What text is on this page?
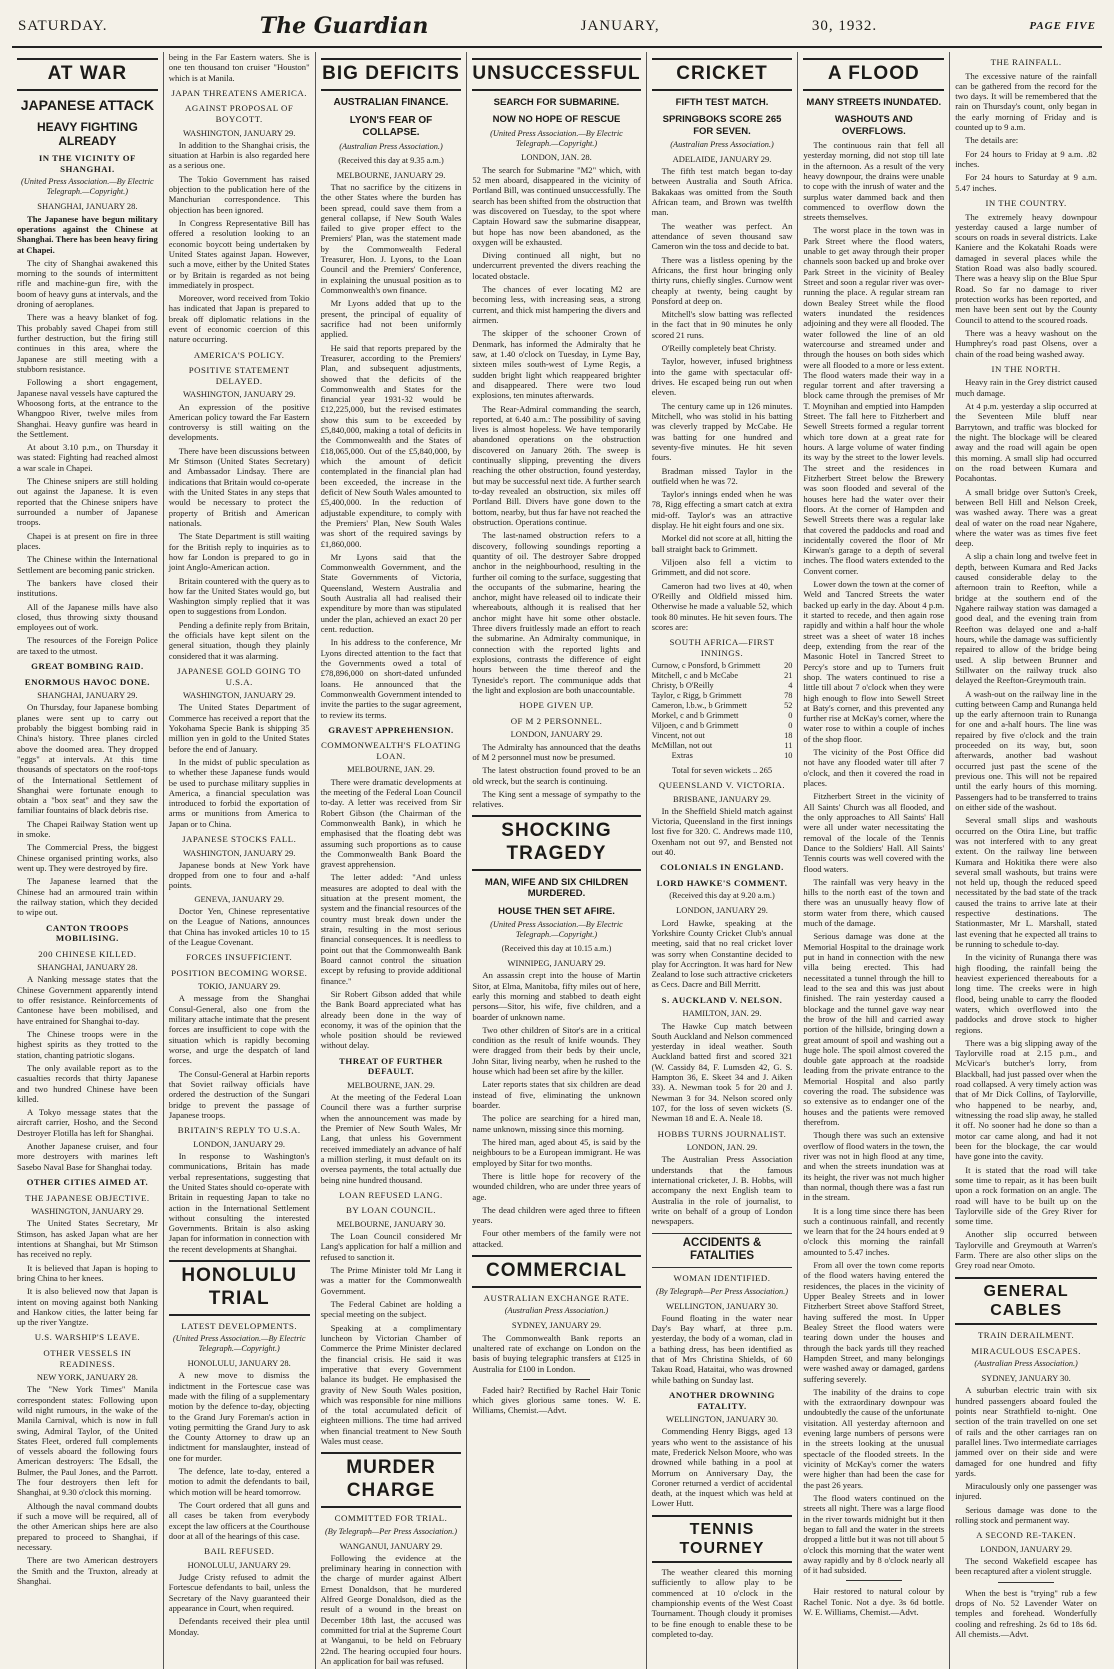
SATURDAY.	The Guardian	JANUARY,	30, 1932.	PAGE FIVE
AT WAR
JAPANESE ATTACK
HEAVY FIGHTING ALREADY
IN THE VICINITY OF SHANGHAI.
(United Press Association.—By Electric Telegraph.—Copyright.)
SHANGHAI, JANUARY 28.

The Japanese have begun military operations against the Chinese at Shanghai. There has been heavy firing at Chapei.

The city of Shanghai awakened this morning to the sounds of intermittent rifle and machine-gun fire, with the boom of heavy guns at intervals, and the droning of aeroplanes.

There was a heavy blanket of fog. This probably saved Chapei from still further destruction, but the firing still continues in this area, where the Japanese are still meeting with a stubborn resistance.

Following a short engagement, Japanese naval vessels have captured the Whoosong forts, at the entrance to the Whangpoo River, twelve miles from Shanghai. Heavy gunfire was heard in the Settlement.

At about 3.10 p.m., on Thursday it was stated: Fighting had reached almost a war scale in Chapei.

The Chinese snipers are still holding out against the Japanese. It is even reported that the Chinese snipers have surrounded a number of Japanese troops.

Chapei is at present on fire in three places.

The Chinese within the International Settlement are becoming panic stricken.

The bankers have closed their institutions.

All of the Japanese mills have also closed, thus throwing sixty thousand employees out of work.

The resources of the Foreign Police are taxed to the utmost.

GREAT BOMBING RAID.
ENORMOUS HAVOC DONE.
SHANGHAI, JANUARY 29.

On Thursday, four Japanese bombing planes were sent up to carry out probably the biggest bombing raid in China's history. Three planes circled above the doomed area. They dropped "eggs" at intervals. At this time thousands of spectators on the roof-tops of the International Settlement of Shanghai were fortunate enough to obtain a "box seat" and they saw the familiar fountains of black debris rise.

The Chapei Railway Station went up in smoke.

The Commercial Press, the biggest Chinese organised printing works, also went up. They were destroyed by fire.

The Japanese learned that the Chinese had an armoured train within the railway station, which they decided to wipe out.

CANTON TROOPS MOBILISING.
200 CHINESE KILLED.
SHANGHAI, JANUARY 28.

A Nanking message states that the Chinese Government apparently intend to offer resistance. Reinforcements of Cantonese have been mobilised, and have entrained for Shanghai to-day.

The Chinese troops were in the highest spirits as they trotted to the station, chanting patriotic slogans.

The only available report as to the casualties records that thirty Japanese and two hundred Chinese have been killed.

A Tokyo message states that the aircraft carrier, Hosho, and the Second Destroyer Flotilla has left for Shanghai.

Another Japanese cruiser, and four more destroyers with marines left Sasebo Naval Base for Shanghai today.

OTHER CITIES AIMED AT.
THE JAPANESE OBJECTIVE.
WASHINGTON, JANUARY 29.

The United States Secretary, Mr Stimson, has asked Japan what are her intentions at Shanghai, but Mr Stimson has received no reply.

It is believed that Japan is hoping to bring China to her knees.

It is also believed now that Japan is intent on moving against both Nanking and Hankow cities, the latter being far up the river Yangtze.

U.S. WARSHIP'S LEAVE.
OTHER VESSELS IN READINESS.
NEW YORK, JANUARY 28.

The "New York Times" Manila correspondent states: Following upon wild night rumours, in the wake of the Manila Carnival, which is now in full swing, Admiral Taylor, of the United States Fleet, ordered full complements of vessels aboard the following fours American destroyers: The Edsall, the Bulmer, the Paul Jones, and the Parrott. The four destroyers then left for Shanghai, at 9.30 o'clock this morning.

Although the naval command doubts if such a move will be required, all of the other American ships here are also prepared to proceed to Shanghai, if necessary.

There are two American destroyers the Smith and the Truxton, already at Shanghai.

being in the Far Eastern waters. She is one ten thousand ton cruiser "Houston" which is at Manila.

JAPAN THREATENS AMERICA.
AGAINST PROPOSAL OF BOYCOTT.
WASHINGTON, JANUARY 29.

In addition to the Shanghai crisis, the situation at Harbin is also regarded here as a serious one.

The Tokio Government has raised objection to the publication here of the Manchurian correspondence. This objection has been ignored.

In Congress Representative Bill has offered a resolution looking to an economic boycott being undertaken by United States against Japan. However, such a move, either by the United States or by Britain is regarded as not being immediately in prospect.

Moreover, word received from Tokio has indicated that Japan is prepared to break off diplomatic relations in the event of economic coercion of this nature occurring.

AMERICA'S POLICY.
POSITIVE STATEMENT DELAYED.
WASHINGTON, JANUARY 29.

An expression of the positive American policy toward the Far Eastern controversy is still waiting on the developments.

There have been discussions between Mr Stimson (United States Secretary) and Ambassador Lindsay. There are indications that Britain would co-operate with the United States in any steps that would be necessary to protect the property of British and American nationals.

The State Department is still waiting for the British reply to inquiries as to how far London is prepared to go in joint Anglo-American action.

Britain countered with the query as to how far the United States would go, but Washington simply replied that it was open to suggestions from London.

Pending a definite reply from Britain, the officials have kept silent on the general situation, though they plainly considered that it was alarming.

JAPANESE GOLD GOING TO U.S.A.
WASHINGTON, JANUARY 29.

The United States Department of Commerce has received a report that the Yokohama Specie Bank is shipping 35 million yen in gold to the United States before the end of January.

In the midst of public speculation as to whether these Japanese funds would be used to purchase military supplies in America, a financial speculation was introduced to forbid the exportation of arms or munitions from America to Japan or to China.

JAPANESE STOCKS FALL.
WASHINGTON, JANUARY 29.

Japanese bonds at New York have dropped from one to four and a-half points.

GENEVA, JANUARY 29.

Doctor Yen, Chinese representative on the League of Nations, announces that China has invoked articles 10 to 15 of the League Covenant.

FORCES INSUFFICIENT.
POSITION BECOMING WORSE.
TOKIO, JANUARY 29.

A message from the Shanghai Consul-General, also one from the military attache intimate that the present forces are insufficient to cope with the situation which is rapidly becoming worse, and urge the despatch of land forces.

The Consul-General at Harbin reports that Soviet railway officials have ordered the destruction of the Sungari bridge to prevent the passage of Japanese troops.

BRITAIN'S REPLY TO U.S.A.
LONDON, JANUARY 29.

In response to Washington's communications, Britain has made verbal representations, suggesting that the United States should co-operate with Britain in requesting Japan to take no action in the International Settlement without consulting the interested Governments. Britain is also asking Japan for information in connection with the recent developments at Shanghai.

HONOLULU TRIAL
LATEST DEVELOPMENTS.
(United Press Association.—By Electric Telegraph.—Copyright.)
HONOLULU, JANUARY 28.

A new move to dismiss the indictment in the Fortescue case was made with the filing of a supplementary motion by the defence to-day, objecting to the Grand Jury Foreman's action in voting permitting the Grand Jury to ask the County Attorney to draw up an indictment for manslaughter, instead of one for murder.

The defence, late to-day, entered a motion to admit the defendants to bail, which motion will be heard tomorrow.

The Court ordered that all guns and all cases be taken from everybody except the law officers at the Courthouse door at all of the hearings of this case.

BAIL REFUSED.
HONOLULU, JANUARY 29.

Judge Cristy refused to admit the Fortescue defendants to bail, unless the Secretary of the Navy guaranteed their appearance in Court, when required.

Defendants received their plea until Monday.

BIG DEFICITS
AUSTRALIAN FINANCE.
LYON'S FEAR OF COLLAPSE.
(Australian Press Association.)
(Received this day at 9.35 a.m.)
MELBOURNE, JANUARY 29.

That no sacrifice by the citizens in the other States where the burden has been spread, could save them from a general collapse, if New South Wales failed to give proper effect to the Premiers' Plan, was the statement made by the Commonwealth Federal Treasurer, Hon. J. Lyons, to the Loan Council and the Premiers' Conference, in explaining the unusual position as to Commonwealth's own finance.

Mr Lyons added that up to the present, the principal of equality of sacrifice had not been uniformly applied.

He said that reports prepared by the Treasurer, according to the Premiers' Plan, and subsequent adjustments, showed that the deficits of the Commonwealth and States for the financial year 1931-32 would be £12,225,000, but the revised estimates show this sum to be exceeded by £5,840,000, making a total of deficits in the Commonwealth and the States of £18,065,000. Out of the £5,840,000, by which the amount of deficit contemplated in the financial plan had been exceeded, the increase in the deficit of New South Wales amounted to £5,400,000. In the reduction of adjustable expenditure, to comply with the Premiers' Plan, New South Wales was short of the required savings by £1,860,000.

Mr Lyons said that the Commonwealth Government, and the State Governments of Victoria, Queensland, Western Australia and South Australia all had realised their expenditure by more than was stipulated under the plan, achieved an exact 20 per cent. reduction.

In his address to the conference, Mr Lyons directed attention to the fact that the Governments owed a total of £78,896,000 on short-dated unfunded loans. He announced that the Commonwealth Government intended to invite the parties to the sugar agreement, to review its terms.

GRAVEST APPREHENSION.
COMMONWEALTH'S FLOATING LOAN.
MELBOURNE, JAN. 29.

There were dramatic developments at the meeting of the Federal Loan Council to-day. A letter was received from Sir Robert Gibson (the Chairman of the Commonwealth Bank), in which he emphasised that the floating debt was assuming such proportions as to cause the Commonwealth Bank Board the gravest apprehension.

The letter added: "And unless measures are adopted to deal with the situation at the present moment, the system and the financial resources of the country must break down under the strain, resulting in the most serious financial consequences. It is needless to point out that the Commonwealth Bank Board cannot control the situation except by refusing to provide additional finance."

Sir Robert Gibson added that while the Bank Board appreciated what has already been done in the way of economy, it was of the opinion that the whole position should be reviewed without delay.

THREAT OF FURTHER DEFAULT.
MELBOURNE, JAN. 29.

At the meeting of the Federal Loan Council there was a further surprise when the announcement was made by the Premier of New South Wales, Mr Lang, that unless his Government received immediately an advance of half a million sterling, it must default on its oversea payments, the total actually due being nine hundred thousand.

LOAN REFUSED LANG.
BY LOAN COUNCIL.
MELBOURNE, JANUARY 30.

The Loan Council considered Mr Lang's application for half a million and refused to sanction it.

The Prime Minister told Mr Lang it was a matter for the Commonwealth Government.

The Federal Cabinet are holding a special meeting on the subject.

Speaking at a complimentary luncheon by Victorian Chamber of Commerce the Prime Minister declared the financial crisis. He said it was imperative that every Government balance its budget. He emphasised the gravity of New South Wales position, which was responsible for nine millions of the total accumulated deficit of eighteen millions. The time had arrived when financial treatment to New South Wales must cease.

MURDER CHARGE
COMMITTED FOR TRIAL.
(By Telegraph—Per Press Association.)
WANGANUI, JANUARY 29.

Following the evidence at the preliminary hearing in connection with the charge of murder against Albert Ernest Donaldson, that he murdered Alfred George Donaldson, died as the result of a wound in the breast on December 18th last, the accused was committed for trial at the Supreme Court at Wanganui, to be held on February 22nd. The hearing occupied four hours. An application for bail was refused.

UNSUCCESSFUL
SEARCH FOR SUBMARINE.
NOW NO HOPE OF RESCUE
(United Press Association.—By Electric Telegraph.—Copyright.)
LONDON, JAN. 28.

The search for Submarine "M2" which, with 52 men aboard, disappeared in the vicinity of Portland Bill, was continued unsuccessfully. The search has been shifted from the obstruction that was discovered on Tuesday, to the spot where Captain Howard saw the submarine disappear, but hope has now been abandoned, as the oxygen will be exhausted.

Diving continued all night, but no undercurrent prevented the divers reaching the located obstacle.

The chances of ever locating M2 are becoming less, with increasing seas, a strong current, and thick mist hampering the divers and airmen.

The skipper of the schooner Crown of Denmark, has informed the Admiralty that he saw, at 1.40 o'clock on Tuesday, in Lyme Bay, sixteen miles south-west of Lyme Regis, a sudden bright light which reappeared brighter and disappeared. There were two loud explosions, ten minutes afterwards.

The Rear-Admiral commanding the search, reported, at 6.40 a.m.: The possibility of saving lives is almost hopeless. We have temporarily abandoned operations on the obstruction discovered on January 26th. The sweep is continually slipping, preventing the divers reaching the other obstruction, found yesterday, but may be successful next tide. A further search to-day revealed an obstruction, six miles off Portland Bill. Divers have gone down to the bottom, nearby, but thus far have not reached the obstruction. Operations continue.

The last-named obstruction refers to a discovery, following soundings reporting a quantity of oil. The destroyer Sabre dropped anchor in the neighbourhood, resulting in the further oil coming to the surface, suggesting that the occupants of the submarine, hearing the anchor, might have released oil to indicate their whereabouts, although it is realised that her anchor might have hit some other obstacle. Three divers fruitlessly made an effort to reach the submarine. An Admiralty communique, in connection with the reported lights and explosions, contrasts the difference of eight hours between the time thereof and the Tyneside's report. The communique adds that the light and explosion are both unaccountable.

HOPE GIVEN UP.
OF M 2 PERSONNEL.
LONDON, JANUARY 29.

The Admiralty has announced that the deaths of M 2 personnel must now be presumed.

The latest obstruction found proved to be an old wreck, but the search is continuing.

The King sent a message of sympathy to the relatives.

SHOCKING TRAGEDY
MAN, WIFE AND SIX CHILDREN MURDERED.
HOUSE THEN SET AFIRE.
(United Press Association.—By Electric Telegraph.—Copyright.)
(Received this day at 10.15 a.m.)
WINNIPEG, JANUARY 29.

An assassin crept into the house of Martin Sitor, at Elma, Manitoba, fifty miles out of here, early this morning and stabbed to death eight persons—Sitor, his wife, five children, and a boarder of unknown name.

Two other children of Sitor's are in a critical condition as the result of knife wounds. They were dragged from their beds by their uncle, John Sitar, living nearby, when he rushed to the house which had been set afire by the killer.

Later reports states that six children are dead instead of five, eliminating the unknown boarder.

The police are searching for a hired man, name unknown, missing since this morning.

The hired man, aged about 45, is said by the neighbours to be a European immigrant. He was employed by Sitar for two months.

There is little hope for recovery of the wounded children, who are under three years of age.

The dead children were aged three to fifteen years.

Four other members of the family were not attacked.

COMMERCIAL
AUSTRALIAN EXCHANGE RATE.
(Australian Press Association.)
SYDNEY, JANUARY 29.

The Commonwealth Bank reports an unaltered rate of exchange on London on the basis of buying telegraphic transfers at £125 in Australia for £100 in London.

Faded hair? Rectified by Rachel Hair Tonic which gives glorious same tones. W. E. Williams, Chemist.—Advt.

CRICKET
FIFTH TEST MATCH.
SPRINGBOKS SCORE 265 FOR SEVEN.
(Australian Press Association.)
ADELAIDE, JANUARY 29.

The fifth test match began to-day between Australia and South Africa. Bakakaas was omitted from the South African team, and Brown was twelfth man.

The weather was perfect. An attendance of seven thousand saw Cameron win the toss and decide to bat.

There was a listless opening by the Africans, the first hour bringing only thirty runs, chiefly singles. Curnow went cheaply at twenty, being caught by Ponsford at deep on.

Mitchell's slow batting was reflected in the fact that in 90 minutes he only scored 21 runs.

O'Reilly completely beat Christy.

Taylor, however, infused brightness into the game with spectacular off-drives. He escaped being run out when eleven.

The century came up in 126 minutes. Mitchell, who was stolid in his batting was cleverly trapped by McCabe. He was batting for one hundred and seventy-five minutes. He hit seven fours.

Bradman missed Taylor in the outfield when he was 72.

Taylor's innings ended when he was 78, Rigg effecting a smart catch at extra mid-off. Taylor's was an attractive display. He hit eight fours and one six.

Morkel did not score at all, hitting the ball straight back to Grimmett.

Viljoen also fell a victim to Grimmett, and did not score.

Cameron had two lives at 40, when O'Reilly and Oldfield missed him. Otherwise he made a valuable 52, which took 80 minutes. He hit seven fours. The scores are:

SOUTH AFRICA—FIRST INNINGS.
Curnow, c Ponsford, b Grimmett	20
Mitchell, c and b McCabe	21
Christy, b O'Reilly	4
Taylor, c Rigg, b Grimmett	78
Cameron, l.b.w., b Grimmett	52
Morkel, c and b Grimmett	0
Viljoen, c and b Grimmett	0
Vincent, not out	18
McMillan, not out	11
Extras	10
Total for seven wickets .. 265
QUEENSLAND V. VICTORIA.
BRISBANE, JANUARY 29.

In the Sheffield Shield match against Victoria, Queensland in the first innings lost five for 320. C. Andrews made 110, Oxenham not out 97, and Bensted not out 40.

COLONIALS IN ENGLAND.
LORD HAWKE'S COMMENT.
(Received this day at 9.20 a.m.)
LONDON, JANUARY 29.

Lord Hawke, speaking at the Yorkshire County Cricket Club's annual meeting, said that no real cricket lover was sorry when Constantine decided to play for Accrington. It was hard for New Zealand to lose such attractive cricketers as Cecs. Dacre and Bill Merritt.

S. AUCKLAND V. NELSON.
HAMILTON, JAN. 29.

The Hawke Cup match between South Auckland and Nelson commenced yesterday in ideal weather. South Auckland batted first and scored 321 (W. Cassidy 84, F. Lumsden 42, G. S. Hampton 36, E. Skeet 34 and J. Aiken 33). A. Newman took 5 for 20 and J. Newman 3 for 34. Nelson scored only 107, for the loss of seven wickets (S. Newman 18 and E. A. Neale 18.

HOBBS TURNS JOURNALIST.
LONDON, JAN. 29.

The Australian Press Association understands that the famous international cricketer, J. B. Hobbs, will accompany the next English team to Australia in the role of journalist, to write on behalf of a group of London newspapers.

ACCIDENTS & FATALITIES
WOMAN IDENTIFIED.
(By Telegraph—Per Press Association.)
WELLINGTON, JANUARY 30.

Found floating in the water near Day's Bay wharf, at three p.m. yesterday, the body of a woman, clad in a bathing dress, has been identified as that of Mrs Christina Shields, of 60 Takau Road, Hataitai, who was drowned while bathing on Sunday last.

ANOTHER DROWNING FATALITY.
WELLINGTON, JANUARY 30.

Commending Henry Biggs, aged 13 years who went to the assistance of his mate, Frederick Nelson Moore, who was drowned while bathing in a pool at Morrum on Anniversary Day, the Coroner returned a verdict of accidental death, at the inquest which was held at Lower Hutt.

TENNIS TOURNEY

The weather cleared this morning sufficiently to allow play to be commenced at 10 o'clock in the championship events of the West Coast Tournament. Though cloudy it promises to be fine enough to enable these to be completed to-day.

A FLOOD
MANY STREETS INUNDATED.
WASHOUTS AND OVERFLOWS.

The continuous rain that fell all yesterday morning, did not stop till late in the afternoon. As a result of the very heavy downpour, the drains were unable to cope with the inrush of water and the surplus water dammed back and then commenced to overflow down the streets themselves.

The worst place in the town was in Park Street where the flood waters, unable to get away through their proper channels soon backed up and broke over Park Street in the vicinity of Bealey Street and soon a regular river was over-running the place. A regular stream ran down Bealey Street while the flood waters inundated the residences adjoining and they were all flooded. The water followed the line of an old watercourse and streamed under and through the houses on both sides which were all flooded to a more or less extent. The flood waters made their way in a regular torrent and after traversing a block came through the premises of Mr T. Moynihan and emptied into Hampden Street. The fall here to Fitzherbert and Sewell Streets formed a regular torrent which tore down at a great rate for hours. A large volume of water finding its way by the street to the lower levels. The street and the residences in Fitzherbert Street below the Brewery was soon flooded and several of the houses here had the water over their floors. At the corner of Hampden and Sewell Streets there was a regular lake that covered the paddocks and road and incidentally covered the floor of Mr Kirwan's garage to a depth of several inches. The flood waters extended to the Convent corner.

Lower down the town at the corner of Weld and Tancred Streets the water backed up early in the day. About 4 p.m. it started to recede, and then again rose rapidly and within a half hour the whole street was a sheet of water 18 inches deep, extending from the rear of the Masonic Hotel in Tancred Street to Percy's store and up to Turners fruit shop. The waters continued to rise a little till about 7 o'clock when they were high enough to flow into Sewell Street at Baty's corner, and this prevented any further rise at McKay's corner, where the water rose to within a couple of inches of the shop floor.

The vicinity of the Post Office did not have any flooded water till after 7 o'clock, and then it covered the road in places.

Fitzherbert Street in the vicinity of All Saints' Church was all flooded, and the only approaches to All Saints' Hall were all under water necessitating the removal of the locale of the Tennis Dance to the Soldiers' Hall. All Saints' Tennis courts was well covered with the flood waters.

The rainfall was very heavy in the hills to the north east of the town and there was an unusually heavy flow of storm water from there, which caused much of the damage.

Serious damage was done at the Memorial Hospital to the drainage work put in hand in connection with the new villa being erected. This had necessitated a tunnel through the hill to lead to the sea and this was just about finished. The rain yesterday caused a blockage and the tunnel gave way near the brow of the hill and carried away portion of the hillside, bringing down a great amount of spoil and washing out a huge hole. The spoil almost covered the double gate approach at the roadside leading from the private entrance to the Memorial Hospital and also partly covering the road. The subsidence was so extensive as to endanger one of the houses and the patients were removed therefrom.

Though there was such an extensive overflow of flood waters in the town, the river was not in high flood at any time, and when the streets inundation was at its height, the river was not much higher than normal, though there was a fast run in the stream.

It is a long time since there has been such a continuous rainfall, and recently we learn that for the 24 hours ended at 9 o'clock this morning the rainfall amounted to 5.47 inches.

From all over the town come reports of the flood waters having entered the residences, the places in the vicinity of Upper Bealey Streets and in lower Fitzherbert Street above Stafford Street, having suffered the most. In Upper Bealey Street the flood waters were tearing down under the houses and through the back yards till they reached Hampden Street, and many belongings were washed away or damaged, gardens suffering severely.

The inability of the drains to cope with the extraordinary downpour was undoubtedly the cause of the unfortunate visitation. All yesterday afternoon and evening large numbers of persons were in the streets looking at the unusual spectacle of the flooded streets. In the vicinity of McKay's corner the waters were higher than had been the case for the past 26 years.

The flood waters continued on the streets all night. There was a large flood in the river towards midnight but it then began to fall and the water in the streets dropped a little but it was not till about 5 o'clock this morning that the water went away rapidly and by 8 o'clock nearly all of it had subsided.

Hair restored to natural colour by Rachel Tonic. Not a dye. 3s 6d bottle. W. E. Williams, Chemist.—Advt.

THE RAINFALL.

The excessive nature of the rainfall can be gathered from the record for the two days. It will be remembered that the rain on Thursday's count, only began in the early morning of Friday and is counted up to 9 a.m.

The details are:

For 24 hours to Friday at 9 a.m. .82 inches.

For 24 hours to Saturday at 9 a.m. 5.47 inches.

IN THE COUNTRY.

The extremely heavy downpour yesterday caused a large number of scours on roads in several districts. Lake Kaniere and the Kokatahi Roads were damaged in several places while the Station Road was also badly scoured. There was a heavy slip on the Blue Spur Road. So far no damage to river protection works has been reported, and men have been sent out by the County Council to attend to the scoured roads.

There was a heavy washout on the Humphrey's road past Olsens, over a chain of the road being washed away.

IN THE NORTH.

Heavy rain in the Grey district caused much damage.

At 4 p.m. yesterday a slip occurred at the Seventeen Mile bluff near Barrytown, and traffic was blocked for the night. The blockage will be cleared away and the road will again be open this morning. A small slip had occurred on the road between Kumara and Pocahontas.

A small bridge over Sutton's Creek, between Bell Hill and Nelson Creek, was washed away. There was a great deal of water on the road near Ngahere, where the water was as times five feet deep.

A slip a chain long and twelve feet in depth, between Kumara and Red Jacks caused considerable delay to the afternoon train to Reefton, while a bridge at the southern end of the Ngahere railway station was damaged a good deal, and the evening train from Reefton was delayed one and a-half hours, while the damage was sufficiently repaired to allow of the bridge being used. A slip between Brunner and Stillwater on the railway truck also delayed the Reefton-Greymouth train.

A wash-out on the railway line in the cutting between Camp and Runanga held up the early afternoon train to Runanga for one and a-half hours. The line was repaired by five o'clock and the train proceeded on its way, but, soon afterwards, another bad washout occurred just past the scene of the previous one. This will not be repaired until the early hours of this morning. Passengers had to be transferred to trains on either side of the washout.

Several small slips and washouts occurred on the Otira Line, but traffic was not interfered with to any great extent. On the railway line between Kumara and Hokitika there were also several small washouts, but trains were not held up, though the reduced speed necessitated by the bad state of the track caused the trains to arrive late at their respective destinations. The Stationmaster, Mr L. Marshall, stated last evening that he expected all trains to be running to schedule to-day.

In the vicinity of Runanga there was high flooding, the rainfall being the heaviest experienced thereabouts for a long time. The creeks were in high flood, being unable to carry the flooded waters, which overflowed into the paddocks and drove stock to higher regions.

There was a big slipping away of the Taylorville road at 2.15 p.m., and McVicar's butcher's lorry, from Blackball, had just passed over when the road collapsed. A very timely action was that of Mr Dick Collins, of Taylorville, who happened to be nearby, and, witnessing the road slip away, he stalled it off. No sooner had he done so than a motor car came along, and had it not been for the blockage, the car would have gone into the cavity.

It is stated that the road will take some time to repair, as it has been built upon a rock formation on an angle. The road will have to be built up on the Taylorville side of the Grey River for some time.

Another slip occurred between Taylorville and Greymouth at Warren's Farm. There are also other slips on the Grey road near Omoto.

GENERAL CABLES
TRAIN DERAILMENT.
MIRACULOUS ESCAPES.
(Australian Press Association.)
SYDNEY, JANUARY 30.

A suburban electric train with six hundred passengers aboard fouled the points near Strathfield to-night. One section of the train travelled on one set of rails and the other carriages ran on parallel lines. Two intermediate carriages jammed over on their side and were damaged for one hundred and fifty yards.

Miraculously only one passenger was injured.

Serious damage was done to the rolling stock and permanent way.

A SECOND RE-TAKEN.
LONDON, JANUARY 29.

The second Wakefield escapee has been recaptured after a violent struggle.

When the best is "trying" rub a few drops of No. 52 Lavender Water on temples and forehead. Wonderfully cooling and refreshing. 2s 6d to 18s 6d. All chemists.—Advt.
